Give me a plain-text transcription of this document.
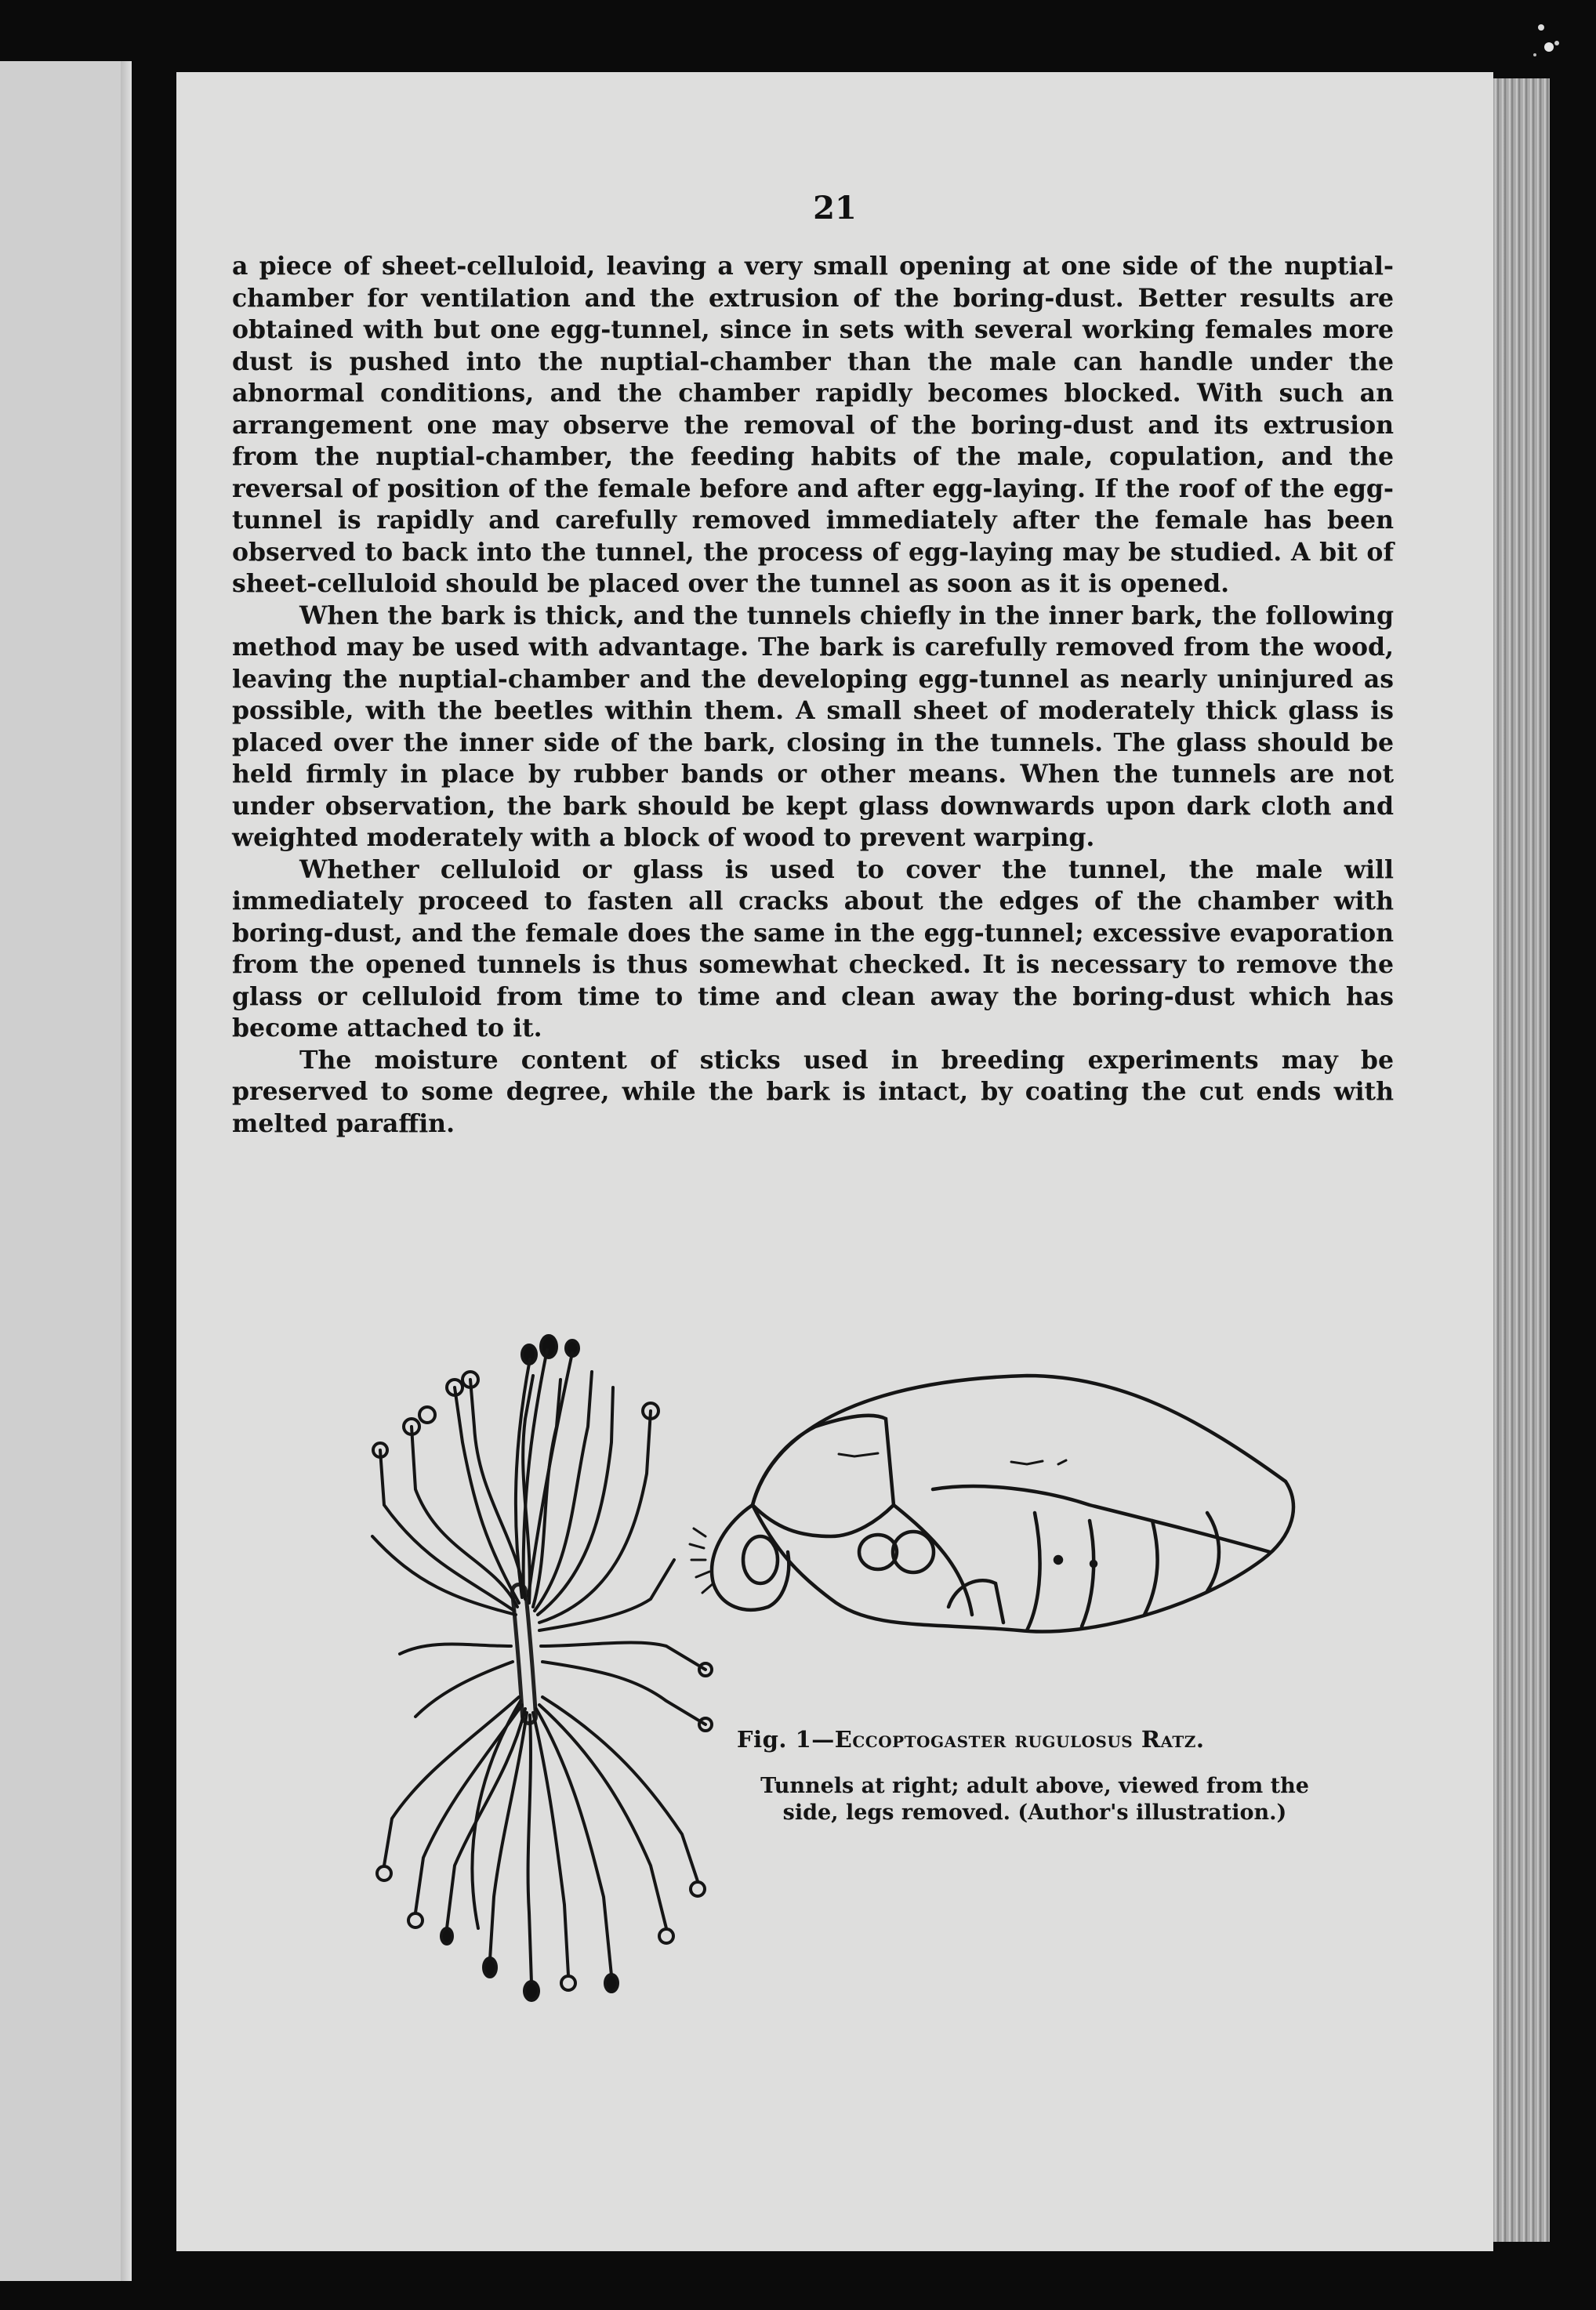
21

a piece of sheet-celluloid, leaving a very small opening at one side of the nuptial-chamber for ventilation and the extrusion of the boring-dust. Better results are obtained with but one egg-tunnel, since in sets with several working females more dust is pushed into the nuptial-chamber than the male can handle under the abnormal conditions, and the chamber rapidly becomes blocked. With such an arrangement one may observe the removal of the boring-dust and its extrusion from the nuptial-chamber, the feeding habits of the male, copulation, and the reversal of position of the female before and after egg-laying. If the roof of the egg-tunnel is rapidly and carefully removed immediately after the female has been observed to back into the tunnel, the process of egg-laying may be studied. A bit of sheet-celluloid should be placed over the tunnel as soon as it is opened.

When the bark is thick, and the tunnels chiefly in the inner bark, the following method may be used with advantage. The bark is carefully removed from the wood, leaving the nuptial-chamber and the developing egg-tunnel as nearly uninjured as possible, with the beetles within them. A small sheet of moderately thick glass is placed over the inner side of the bark, closing in the tunnels. The glass should be held firmly in place by rubber bands or other means. When the tunnels are not under observation, the bark should be kept glass downwards upon dark cloth and weighted moderately with a block of wood to prevent warping.

Whether celluloid or glass is used to cover the tunnel, the male will immediately proceed to fasten all cracks about the edges of the chamber with boring-dust, and the female does the same in the egg-tunnel; excessive evaporation from the opened tunnels is thus somewhat checked. It is necessary to remove the glass or celluloid from time to time and clean away the boring-dust which has become attached to it.

The moisture content of sticks used in breeding experiments may be preserved to some degree, while the bark is intact, by coating the cut ends with melted paraffin.

Fig. 1—Eccoptogaster rugulosus Ratz.
Tunnels at right; adult above, viewed from the side, legs removed. (Author's illustration.)
